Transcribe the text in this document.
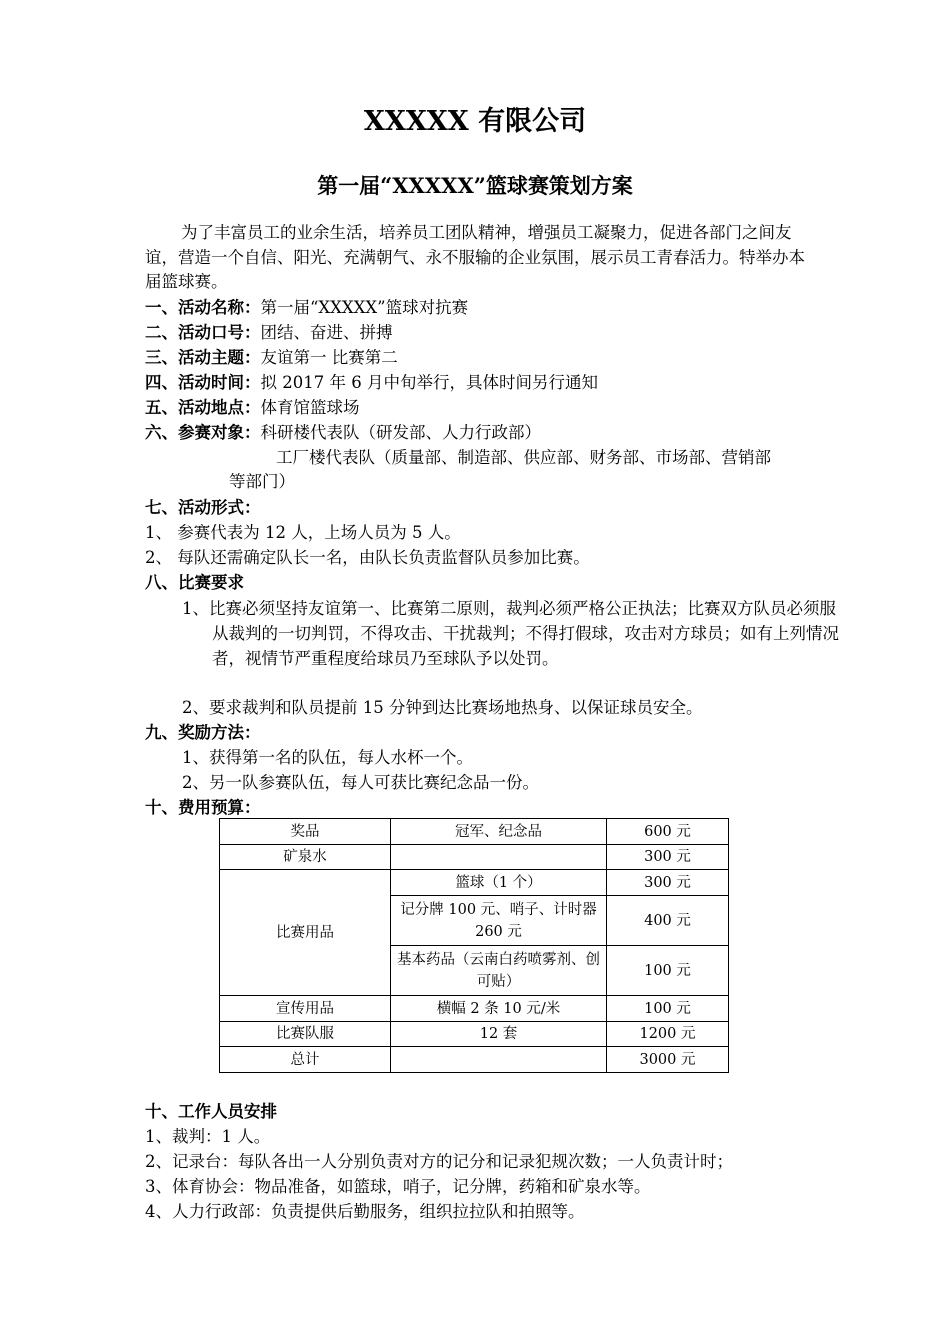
XXXXX 有限公司
第一届“XXXXX”篮球赛策划方案
为了丰富员工的业余生活，培养员工团队精神，增强员工凝聚力，促进各部门之间友谊，营造一个自信、阳光、充满朝气、永不服输的企业氛围，展示员工青春活力。特举办本届篮球赛。
一、活动名称：第一届“XXXXX”篮球对抗赛
二、活动口号：团结、奋进、拼搏
三、活动主题：友谊第一 比赛第二
四、活动时间：拟 2017 年 6 月中旬举行，具体时间另行通知
五、活动地点：体育馆篮球场
六、参赛对象：科研楼代表队（研发部、人力行政部）
工厂楼代表队（质量部、制造部、供应部、财务部、市场部、营销部
等部门）
七、活动形式：
1、 参赛代表为 12 人，上场人员为 5 人。
2、 每队还需确定队长一名，由队长负责监督队员参加比赛。
八、比赛要求
1、比赛必须坚持友谊第一、比赛第二原则，裁判必须严格公正执法；比赛双方队员必须服从裁判的一切判罚，不得攻击、干扰裁判；不得打假球，攻击对方球员；如有上列情况者，视情节严重程度给球员乃至球队予以处罚。
2、要求裁判和队员提前 15 分钟到达比赛场地热身、以保证球员安全。
九、奖励方法：
1、获得第一名的队伍，每人水杯一个。
2、另一队参赛队伍，每人可获比赛纪念品一份。
十、费用预算：
奖品	冠军、纪念品	600 元
矿泉水		300 元
比赛用品	篮球（1 个）	300 元
	记分牌 100 元、哨子、计时器 260 元	400 元
	基本药品（云南白药喷雾剂、创可贴）	100 元
宣传用品	横幅 2 条 10 元/米	100 元
比赛队服	12 套	1200 元
总计		3000 元
十、工作人员安排
1、裁判：1 人。
2、记录台：每队各出一人分别负责对方的记分和记录犯规次数；一人负责计时；
3、体育协会：物品准备，如篮球，哨子，记分牌，药箱和矿泉水等。
4、人力行政部：负责提供后勤服务，组织拉拉队和拍照等。
